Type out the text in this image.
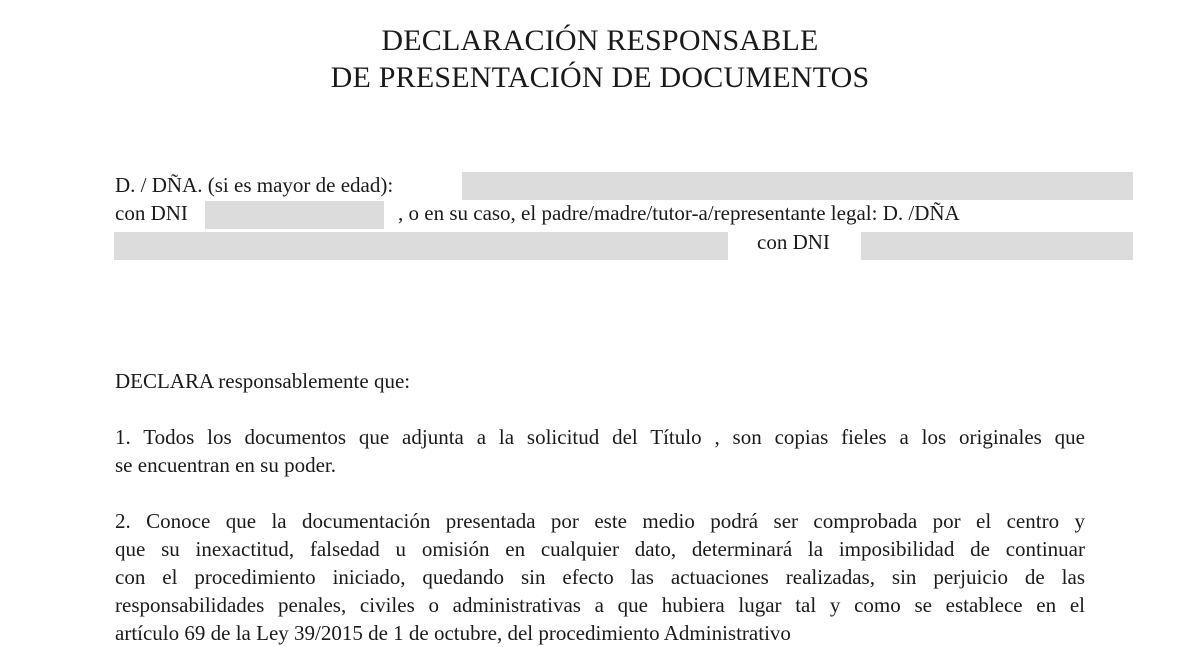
DECLARACIÓN RESPONSABLE
DE PRESENTACIÓN DE DOCUMENTOS
D. / DÑA. (si es mayor de edad):
con DNI	, o en su caso, el padre/madre/tutor-a/representante legal: D. /DÑA
con DNI
DECLARA responsablemente que:
1. Todos los documentos que adjunta a la solicitud del Título , son copias fieles a los originales que
se encuentran en su poder.
2. Conoce que la documentación presentada por este medio podrá ser comprobada por el centro y
que su inexactitud, falsedad u omisión en cualquier dato, determinará la imposibilidad de continuar
con el procedimiento iniciado, quedando sin efecto las actuaciones realizadas, sin perjuicio de las
responsabilidades penales, civiles o administrativas a que hubiera lugar tal y como se establece en el
artículo 69 de la Ley 39/2015 de 1 de octubre, del procedimiento Administrativo
